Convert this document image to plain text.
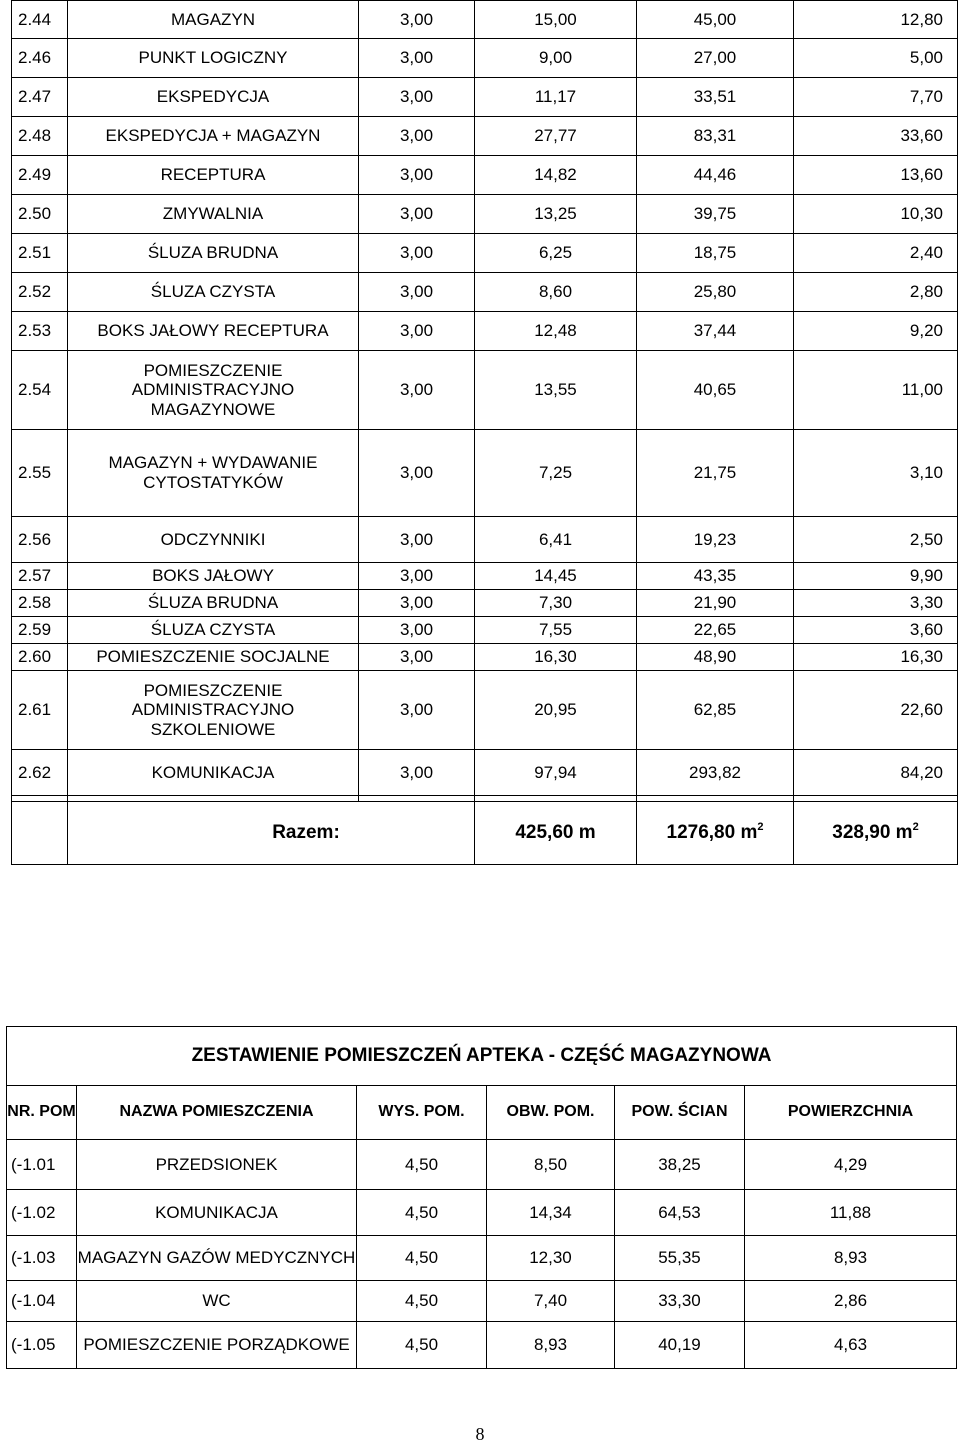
2.44	MAGAZYN	3,00	15,00	45,00	12,80
2.46	PUNKT LOGICZNY	3,00	9,00	27,00	5,00
2.47	EKSPEDYCJA	3,00	11,17	33,51	7,70
2.48	EKSPEDYCJA + MAGAZYN	3,00	27,77	83,31	33,60
2.49	RECEPTURA	3,00	14,82	44,46	13,60
2.50	ZMYWALNIA	3,00	13,25	39,75	10,30
2.51	ŚLUZA BRUDNA	3,00	6,25	18,75	2,40
2.52	ŚLUZA CZYSTA	3,00	8,60	25,80	2,80
2.53	BOKS JAŁOWY RECEPTURA	3,00	12,48	37,44	9,20
2.54	POMIESZCZENIE ADMINISTRACYJNO MAGAZYNOWE	3,00	13,55	40,65	11,00
2.55	MAGAZYN + WYDAWANIE CYTOSTATYKÓW	3,00	7,25	21,75	3,10
2.56	ODCZYNNIKI	3,00	6,41	19,23	2,50
2.57	BOKS JAŁOWY	3,00	14,45	43,35	9,90
2.58	ŚLUZA BRUDNA	3,00	7,30	21,90	3,30
2.59	ŚLUZA CZYSTA	3,00	7,55	22,65	3,60
2.60	POMIESZCZENIE SOCJALNE	3,00	16,30	48,90	16,30
2.61	POMIESZCZENIE ADMINISTRACYJNO SZKOLENIOWE	3,00	20,95	62,85	22,60
2.62	KOMUNIKACJA	3,00	97,94	293,82	84,20

	Razem:		425,60 m	1276,80 $m^2$	328,90 $m^2$
ZESTAWIENIE POMIESZCZEŃ APTEKA - CZĘŚĆ MAGAZYNOWA					
NR. POM	NAZWA POMIESZCZENIA	WYS. POM.	OBW. POM.	POW. ŚCIAN	POWIERZCHNIA
(-1.01	PRZEDSIONEK	4,50	8,50	38,25	4,29
(-1.02	KOMUNIKACJA	4,50	14,34	64,53	11,88
(-1.03	MAGAZYN GAZÓW MEDYCZNYCH	4,50	12,30	55,35	8,93
(-1.04	WC	4,50	7,40	33,30	2,86
(-1.05	POMIESZCZENIE PORZĄDKOWE	4,50	8,93	40,19	4,63
8
